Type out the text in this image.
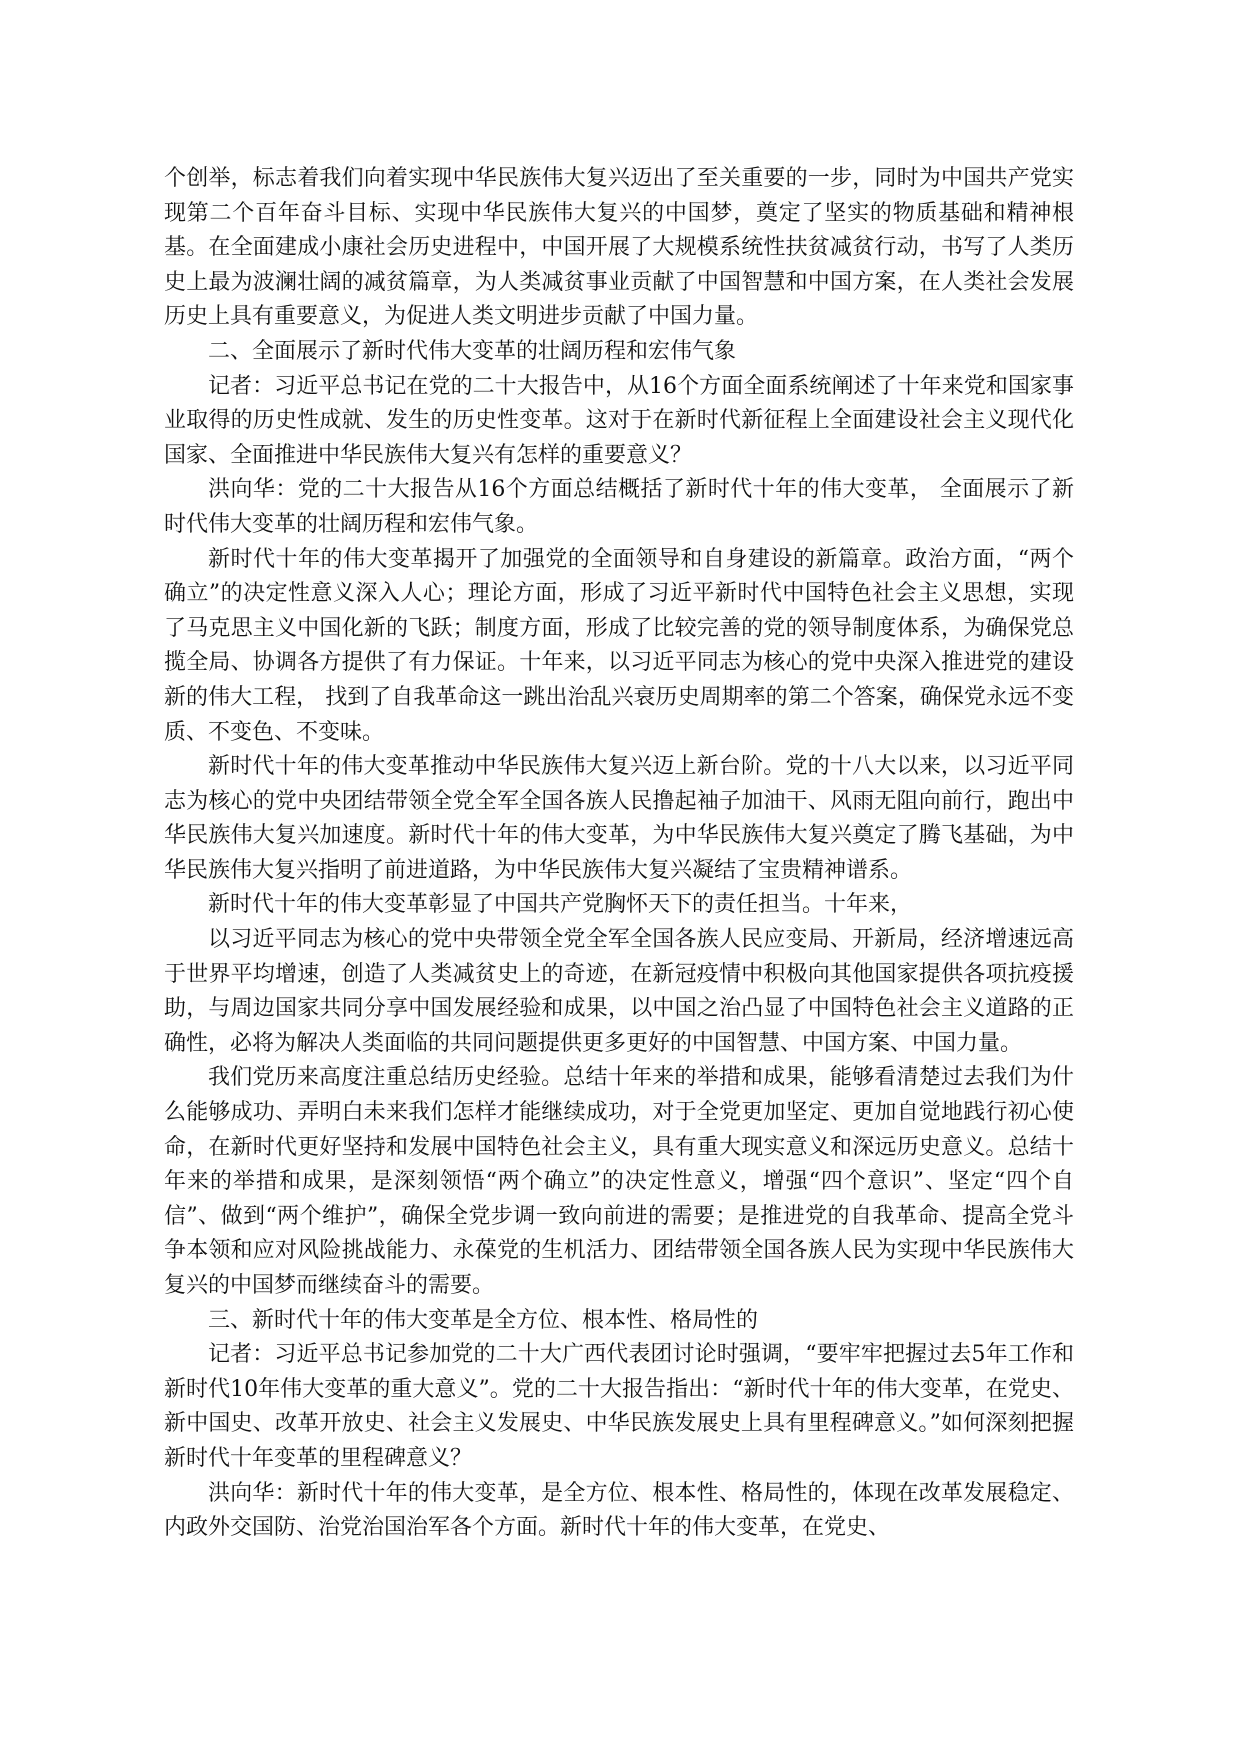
个创举，标志着我们向着实现中华民族伟大复兴迈出了至关重要的一步，同时为中国共产党实现第二个百年奋斗目标、实现中华民族伟大复兴的中国梦，奠定了坚实的物质基础和精神根基。在全面建成小康社会历史进程中，中国开展了大规模系统性扶贫减贫行动，书写了人类历史上最为波澜壮阔的减贫篇章，为人类减贫事业贡献了中国智慧和中国方案，在人类社会发展历史上具有重要意义，为促进人类文明进步贡献了中国力量。

二、全面展示了新时代伟大变革的壮阔历程和宏伟气象

记者：习近平总书记在党的二十大报告中，从16个方面全面系统阐述了十年来党和国家事业取得的历史性成就、发生的历史性变革。这对于在新时代新征程上全面建设社会主义现代化国家、全面推进中华民族伟大复兴有怎样的重要意义？

洪向华：党的二十大报告从16个方面总结概括了新时代十年的伟大变革， 全面展示了新时代伟大变革的壮阔历程和宏伟气象。

新时代十年的伟大变革揭开了加强党的全面领导和自身建设的新篇章。政治方面，“两个确立”的决定性意义深入人心；理论方面，形成了习近平新时代中国特色社会主义思想，实现了马克思主义中国化新的飞跃；制度方面，形成了比较完善的党的领导制度体系，为确保党总揽全局、协调各方提供了有力保证。十年来，以习近平同志为核心的党中央深入推进党的建设新的伟大工程， 找到了自我革命这一跳出治乱兴衰历史周期率的第二个答案，确保党永远不变质、不变色、不变味。

新时代十年的伟大变革推动中华民族伟大复兴迈上新台阶。党的十八大以来，以习近平同志为核心的党中央团结带领全党全军全国各族人民撸起袖子加油干、风雨无阻向前行，跑出中华民族伟大复兴加速度。新时代十年的伟大变革，为中华民族伟大复兴奠定了腾飞基础，为中华民族伟大复兴指明了前进道路，为中华民族伟大复兴凝结了宝贵精神谱系。

新时代十年的伟大变革彰显了中国共产党胸怀天下的责任担当。十年来，

以习近平同志为核心的党中央带领全党全军全国各族人民应变局、开新局，经济增速远高于世界平均增速，创造了人类减贫史上的奇迹，在新冠疫情中积极向其他国家提供各项抗疫援助，与周边国家共同分享中国发展经验和成果，以中国之治凸显了中国特色社会主义道路的正确性，必将为解决人类面临的共同问题提供更多更好的中国智慧、中国方案、中国力量。

我们党历来高度注重总结历史经验。总结十年来的举措和成果，能够看清楚过去我们为什么能够成功、弄明白未来我们怎样才能继续成功，对于全党更加坚定、更加自觉地践行初心使命，在新时代更好坚持和发展中国特色社会主义，具有重大现实意义和深远历史意义。总结十年来的举措和成果，是深刻领悟“两个确立”的决定性意义，增强“四个意识”、坚定“四个自信”、做到“两个维护”，确保全党步调一致向前进的需要；是推进党的自我革命、提高全党斗争本领和应对风险挑战能力、永葆党的生机活力、团结带领全国各族人民为实现中华民族伟大复兴的中国梦而继续奋斗的需要。

三、新时代十年的伟大变革是全方位、根本性、格局性的

记者：习近平总书记参加党的二十大广西代表团讨论时强调，“要牢牢把握过去5年工作和新时代10年伟大变革的重大意义”。党的二十大报告指出：“新时代十年的伟大变革，在党史、新中国史、改革开放史、社会主义发展史、中华民族发展史上具有里程碑意义。”如何深刻把握新时代十年变革的里程碑意义？

洪向华：新时代十年的伟大变革，是全方位、根本性、格局性的，体现在改革发展稳定、内政外交国防、治党治国治军各个方面。新时代十年的伟大变革，在党史、
